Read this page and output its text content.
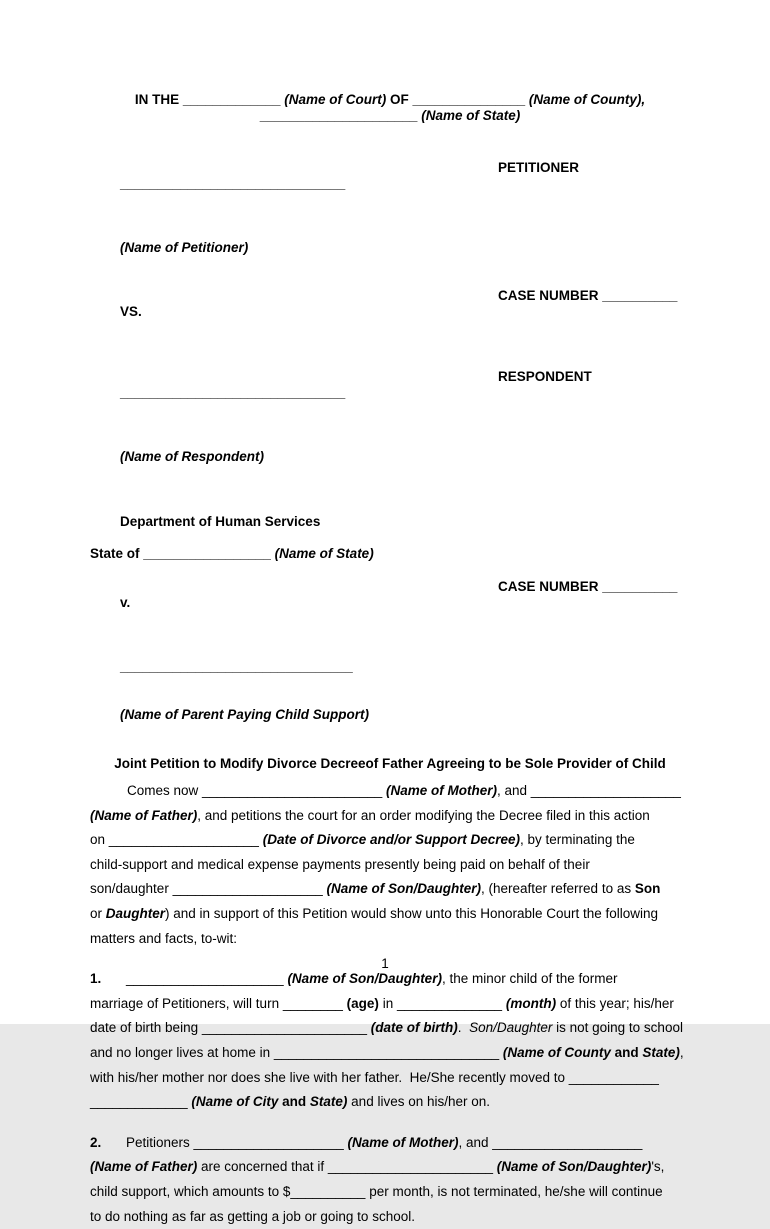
IN THE _____________ (Name of Court) OF _______________ (Name of County),
_____________________ (Name of State)

______________________________

PETITIONER

(Name of Petitioner)

VS.

CASE NUMBER __________

______________________________

RESPONDENT

(Name of Respondent)

Department of Human Services

State of _________________ (Name of State)

v.

CASE NUMBER __________

_______________________________

(Name of Parent Paying Child Support)

Joint Petition to Modify Divorce Decreeof Father Agreeing to be Sole Provider of Child

Comes now ________________________ (Name of Mother), and ____________________
(Name of Father), and petitions the court for an order modifying the Decree filed in this action
on ____________________ (Date of Divorce and/or Support Decree), by terminating the
child-support and medical expense payments presently being paid on behalf of their
son/daughter ____________________ (Name of Son/Daughter), (hereafter referred to as Son
or Daughter) and in support of this Petition would show unto this Honorable Court the following
matters and facts, to-wit:

1. _____________________ (Name of Son/Daughter), the minor child of the former
marriage of Petitioners, will turn ________ (age) in ______________ (month) of this year; his/her
date of birth being ______________________ (date of birth).  Son/Daughter is not going to school
and no longer lives at home in ______________________________ (Name of County and State),
with his/her mother nor does she live with her father.  He/She recently moved to ____________
_____________ (Name of City and State) and lives on his/her on.

2. Petitioners ____________________ (Name of Mother), and ____________________
(Name of Father) are concerned that if ______________________ (Name of Son/Daughter)'s,
child support, which amounts to $__________ per month, is not terminated, he/she will continue
to do nothing as far as getting a job or going to school.

1
